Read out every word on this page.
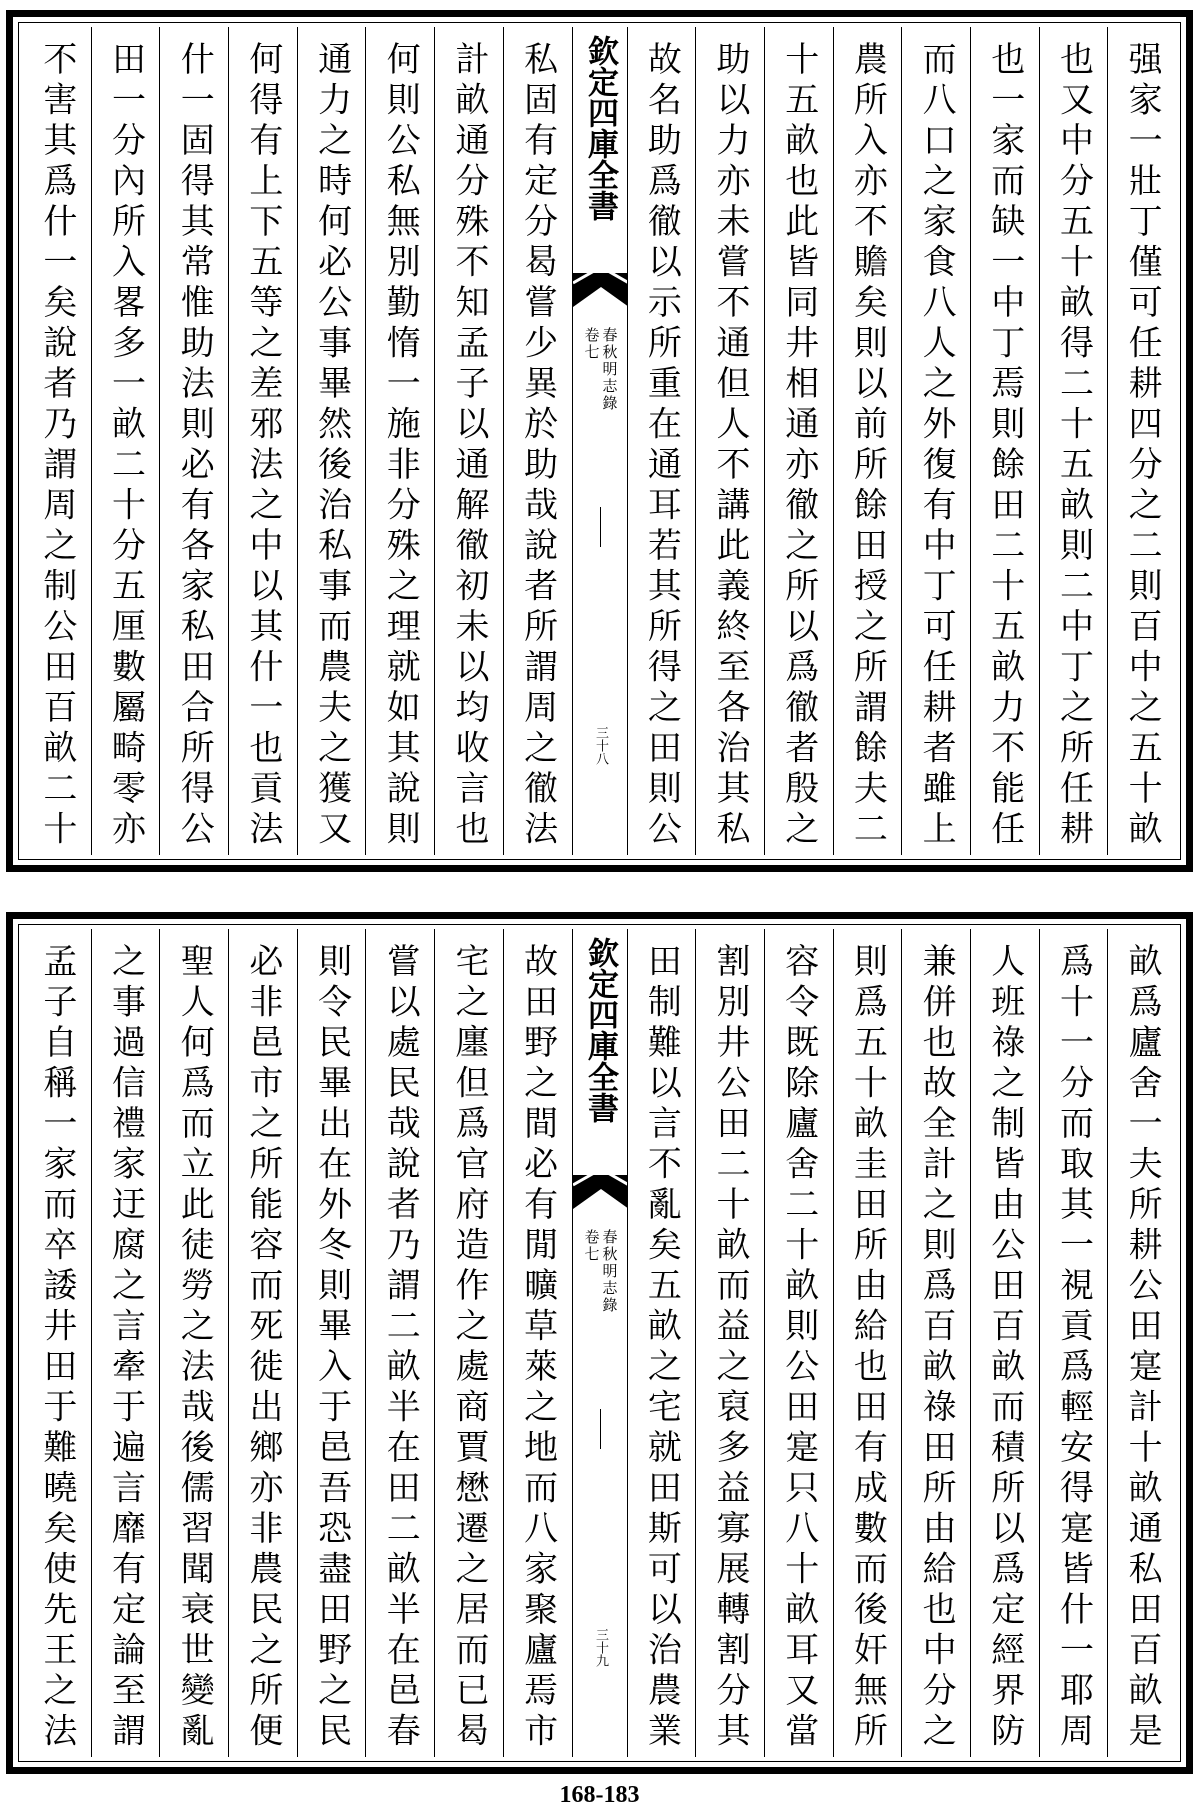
不害其爲什一矣說者乃謂周之制公田百畝二十 田一分內所入畧多一畝二十分五厘數屬畸零亦 什一固得其常惟助法則必有各家私田合所得公 何得有上下五等之差邪法之中以其什一也貢法 通力之時何必公事畢然後治私事而農夫之獲又 何則公私無別勤惰一施非分殊之理就如其說則 計畝通分殊不知孟子以通解徹初未以均收言也 私固有定分曷嘗少異於助哉說者所謂周之徹法 欽定四庫全書
春秋明志錄
卷七
三十八 故名助爲徹以示所重在通耳若其所得之田則公 助以力亦未嘗不通但人不講此義終至各治其私 十五畝也此皆同井相通亦徹之所以爲徹者殷之 農所入亦不贍矣則以前所餘田授之所謂餘夫二 而八口之家食八人之外復有中丁可任耕者雖上 也一家而缺一中丁焉則餘田二十五畝力不能任 也又中分五十畝得二十五畝則二中丁之所任耕 强家一壯丁僅可任耕四分之二則百中之五十畝
孟子自稱一家而卒諉井田于難曉矣使先王之法 之事過信禮家迂腐之言牽于遍言靡有定論至謂 聖人何爲而立此徒勞之法哉後儒習聞衰世變亂 必非邑市之所能容而死徙出鄉亦非農民之所便 則令民畢出在外冬則畢入于邑吾恐盡田野之民 嘗以處民哉說者乃謂二畝半在田二畝半在邑春 宅之廛但爲官府造作之處商賈懋遷之居而已曷 故田野之間必有閒曠草萊之地而八家聚廬焉市 欽定四庫全書
春秋明志錄
卷七
三十九 田制難以言不亂矣五畝之宅就田斯可以治農業 割別井公田二十畝而益之裒多益寡展轉割分其 容令既除廬舍二十畝則公田寔只八十畝耳又當 則爲五十畝圭田所由給也田有成數而後奸無所 兼併也故全計之則爲百畝祿田所由給也中分之 人班祿之制皆由公田百畝而積所以爲定經界防 爲十一分而取其一視貢爲輕安得寔皆什一耶周 畝爲廬舍一夫所耕公田寔計十畝通私田百畝是
168-183
